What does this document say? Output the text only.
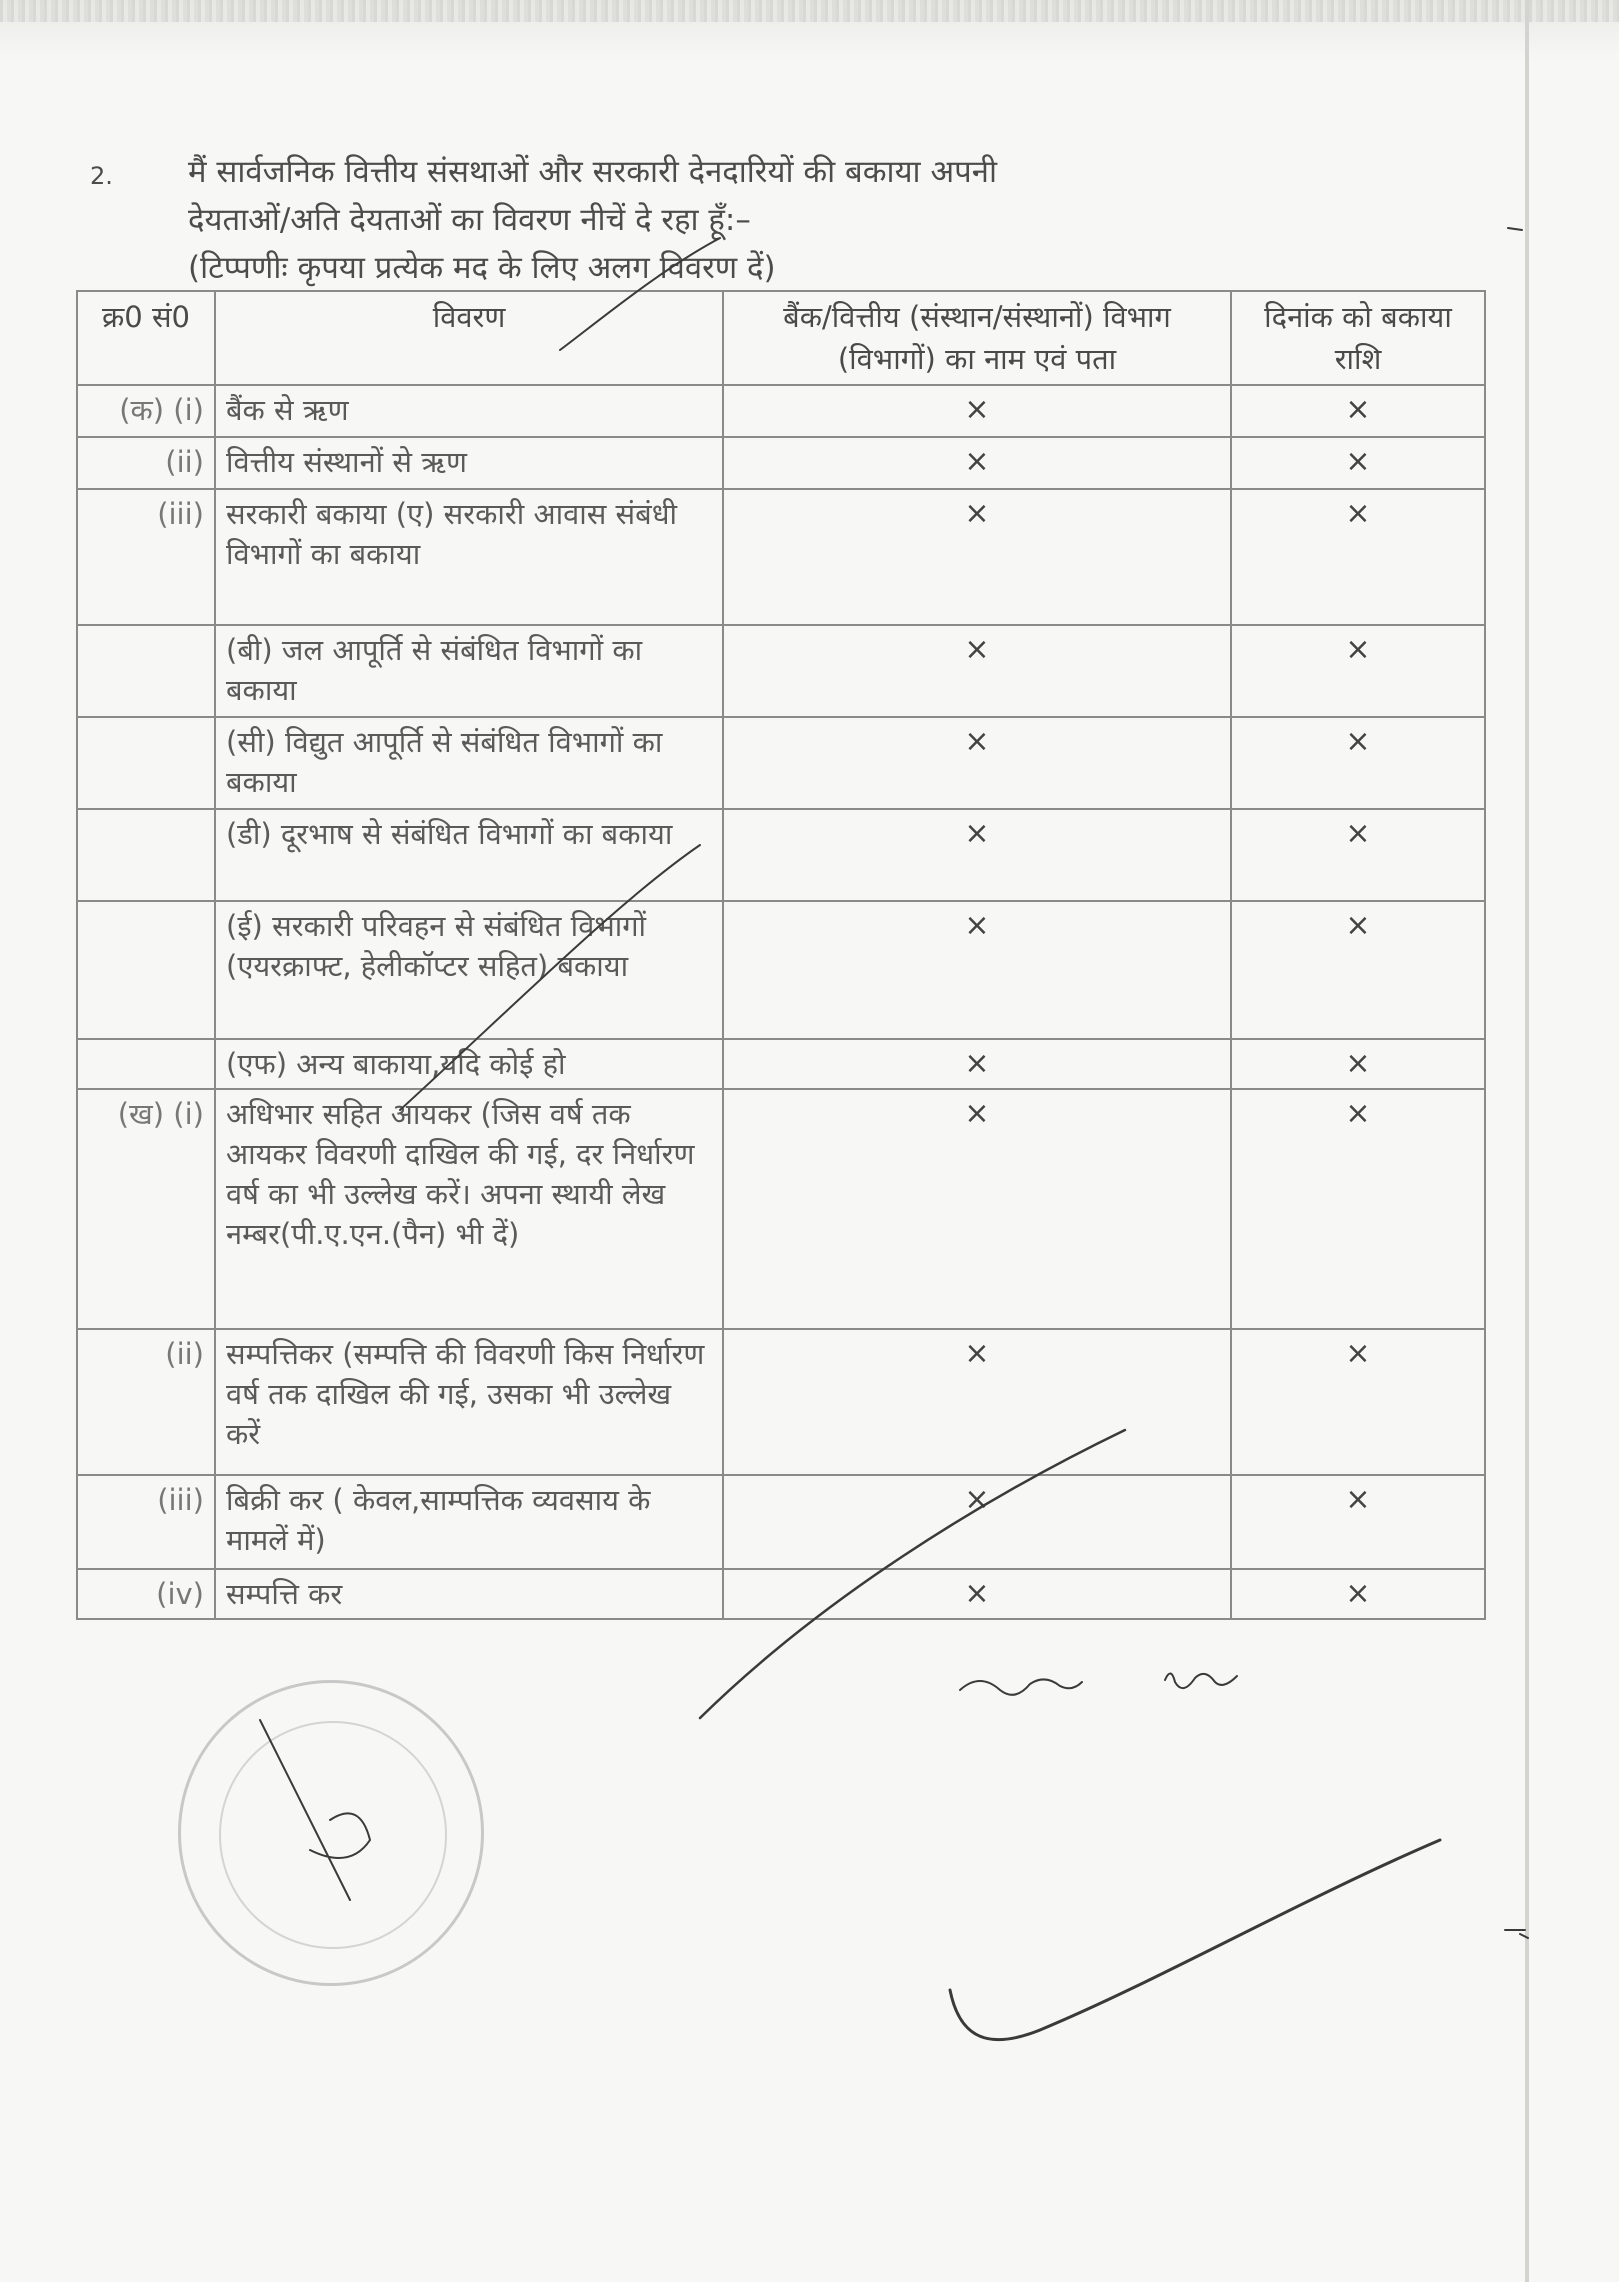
2. मैं सार्वजनिक वित्तीय संसथाओं और सरकारी देनदारियों की बकाया अपनी
देयताओं/अति देयताओं का विवरण नीचें दे रहा हूँ:–
(टिप्पणीः कृपया प्रत्येक मद के लिए अलग विवरण दें)
क्र0 सं0	विवरण	बैंक/वित्तीय (संस्थान/संस्थानों) विभाग (विभागों) का नाम एवं पता	दिनांक को बकाया राशि
(क) (i)	बैंक से ऋण	×	×
(ii)	वित्तीय संस्थानों से ऋण	×	×
(iii)	सरकारी बकाया (ए) सरकारी आवास संबंधी विभागों का बकाया	×	×
	(बी) जल आपूर्ति से संबंधित विभागों का बकाया	×	×
	(सी) विद्युत आपूर्ति से संबंधित विभागों का बकाया	×	×
	(डी) दूरभाष से संबंधित विभागों का बकाया	×	×
	(ई) सरकारी परिवहन से संबंधित विभागों (एयरक्राफ्ट, हेलीकॉप्टर सहित) बकाया	×	×
	(एफ) अन्य बाकाया,यदि कोई हो	×	×
(ख) (i)	अधिभार सहित आयकर (जिस वर्ष तक आयकर विवरणी दाखिल की गई, दर निर्धारण वर्ष का भी उल्लेख करें। अपना स्थायी लेख नम्बर(पी.ए.एन.(पैन) भी दें)	×	×
(ii)	सम्पत्तिकर (सम्पत्ति की विवरणी किस निर्धारण वर्ष तक दाखिल की गई, उसका भी उल्लेख करें	×	×
(iii)	बिक्री कर ( केवल,साम्पत्तिक व्यवसाय के मामलें में)	×	×
(iv)	सम्पत्ति कर	×	×
